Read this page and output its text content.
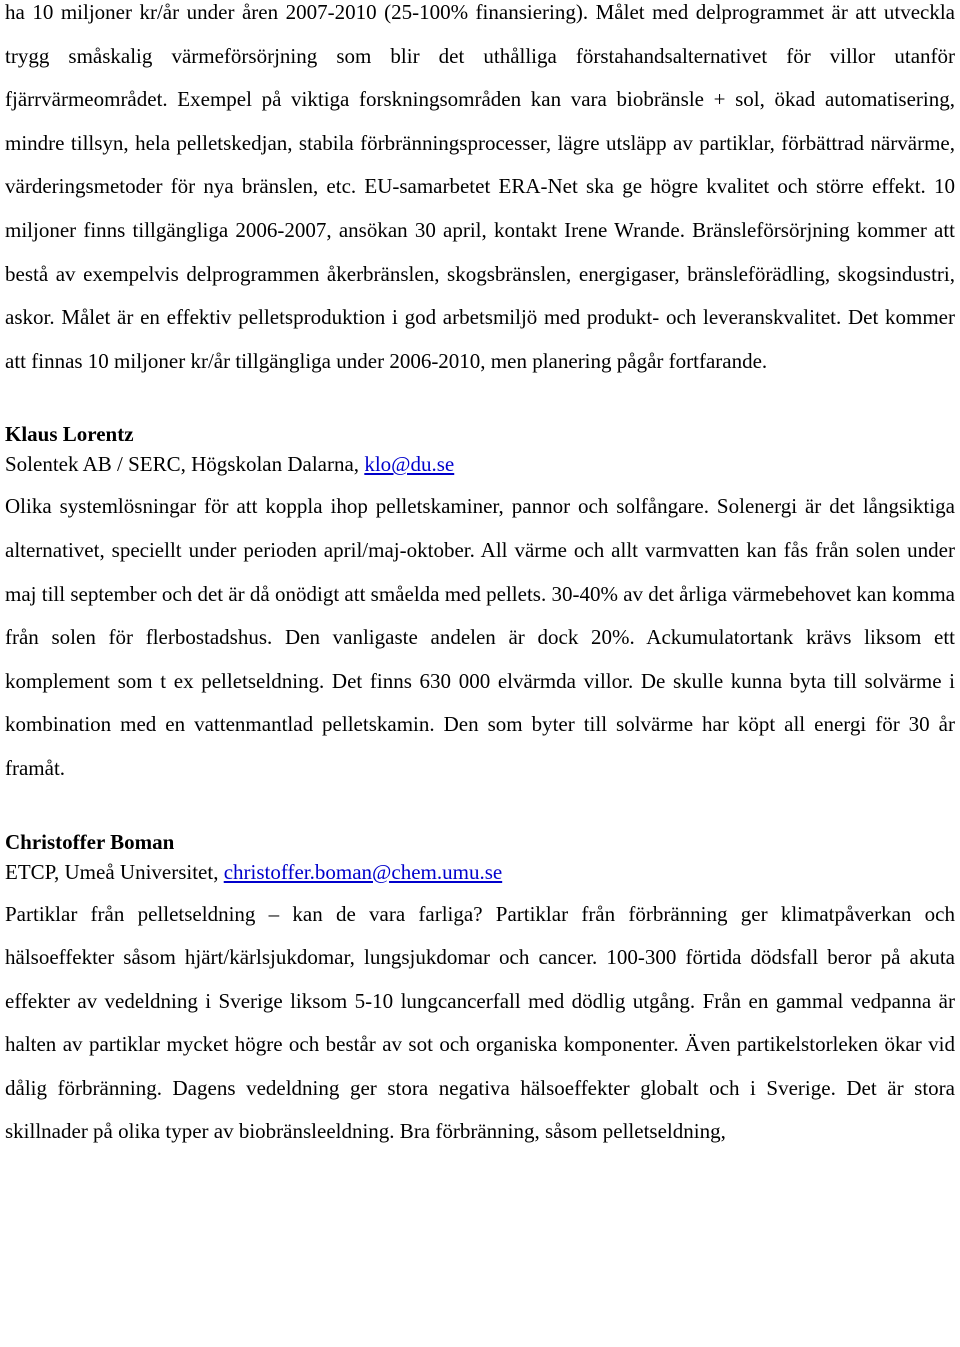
ha 10 miljoner kr/år under åren 2007-2010 (25-100% finansiering). Målet med delprogrammet är att utveckla trygg småskalig värmeförsörjning som blir det uthålliga förstahandsalternativet för villor utanför fjärrvärmeområdet. Exempel på viktiga forskningsområden kan vara biobränsle + sol, ökad automatisering, mindre tillsyn, hela pelletskedjan, stabila förbränningsprocesser, lägre utsläpp av partiklar, förbättrad närvärme, värderingsmetoder för nya bränslen, etc. EU-samarbetet ERA-Net ska ge högre kvalitet och större effekt. 10 miljoner finns tillgängliga 2006-2007, ansökan 30 april, kontakt Irene Wrande. Bränsleförsörjning kommer att bestå av exempelvis delprogrammen åkerbränslen, skogsbränslen, energigaser, bränsleförädling, skogsindustri, askor. Målet är en effektiv pelletsproduktion i god arbetsmiljö med produkt- och leveranskvalitet. Det kommer att finnas 10 miljoner kr/år tillgängliga under 2006-2010, men planering pågår fortfarande.

Klaus Lorentz

Solentek AB / SERC, Högskolan Dalarna, klo@du.se

Olika systemlösningar för att koppla ihop pelletskaminer, pannor och solfångare. Solenergi är det långsiktiga alternativet, speciellt under perioden april/maj-oktober. All värme och allt varmvatten kan fås från solen under maj till september och det är då onödigt att småelda med pellets. 30-40% av det årliga värmebehovet kan komma från solen för flerbostadshus. Den vanligaste andelen är dock 20%. Ackumulatortank krävs liksom ett komplement som t ex pelletseldning. Det finns 630 000 elvärmda villor. De skulle kunna byta till solvärme i kombination med en vattenmantlad pelletskamin. Den som byter till solvärme har köpt all energi för 30 år framåt.

Christoffer Boman

ETCP, Umeå Universitet, christoffer.boman@chem.umu.se

Partiklar från pelletseldning – kan de vara farliga? Partiklar från förbränning ger klimatpåverkan och hälsoeffekter såsom hjärt/kärlsjukdomar, lungsjukdomar och cancer. 100-300 förtida dödsfall beror på akuta effekter av vedeldning i Sverige liksom 5-10 lungcancerfall med dödlig utgång. Från en gammal vedpanna är halten av partiklar mycket högre och består av sot och organiska komponenter. Även partikelstorleken ökar vid dålig förbränning. Dagens vedeldning ger stora negativa hälsoeffekter globalt och i Sverige. Det är stora skillnader på olika typer av biobränsleeldning. Bra förbränning, såsom pelletseldning,
